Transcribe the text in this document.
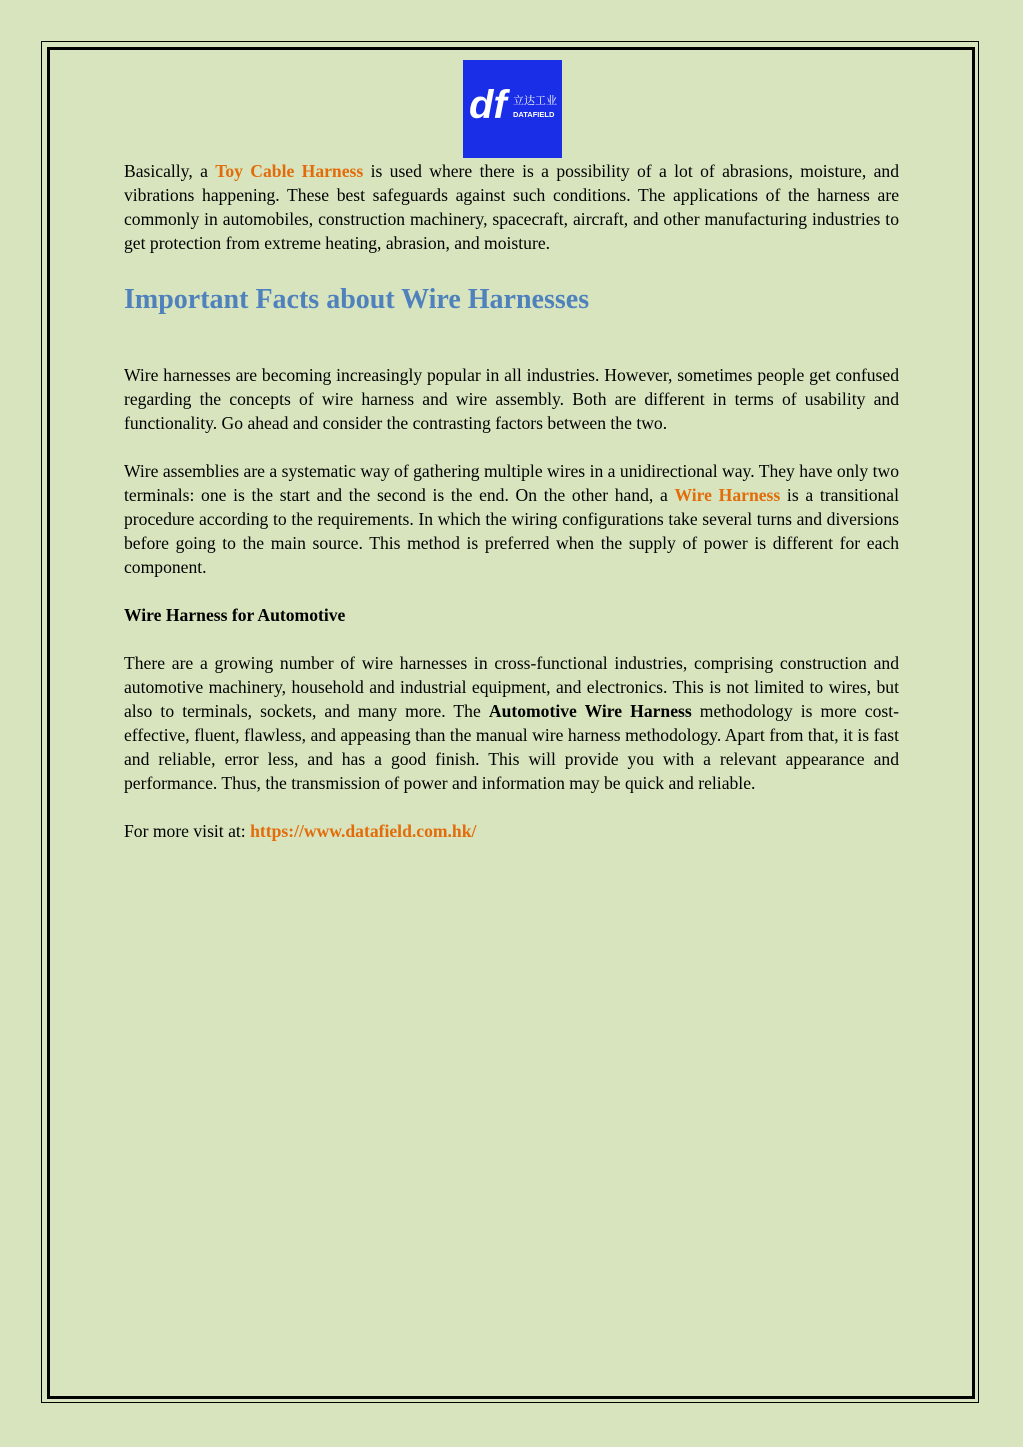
df 立达工业
DATAFIELD

Basically, a Toy Cable Harness is used where there is a possibility of a lot of abrasions, moisture, and vibrations happening. These best safeguards against such conditions. The applications of the harness are commonly in automobiles, construction machinery, spacecraft, aircraft, and other manufacturing industries to get protection from extreme heating, abrasion, and moisture.

Important Facts about Wire Harnesses

Wire harnesses are becoming increasingly popular in all industries. However, sometimes people get confused regarding the concepts of wire harness and wire assembly. Both are different in terms of usability and functionality. Go ahead and consider the contrasting factors between the two.

Wire assemblies are a systematic way of gathering multiple wires in a unidirectional way. They have only two terminals: one is the start and the second is the end. On the other hand, a Wire Harness is a transitional procedure according to the requirements. In which the wiring configurations take several turns and diversions before going to the main source. This method is preferred when the supply of power is different for each component.

Wire Harness for Automotive

There are a growing number of wire harnesses in cross-functional industries, comprising construction and automotive machinery, household and industrial equipment, and electronics. This is not limited to wires, but also to terminals, sockets, and many more. The Automotive Wire Harness methodology is more cost-effective, fluent, flawless, and appeasing than the manual wire harness methodology. Apart from that, it is fast and reliable, error less, and has a good finish. This will provide you with a relevant appearance and performance. Thus, the transmission of power and information may be quick and reliable.

For more visit at: https://www.datafield.com.hk/
